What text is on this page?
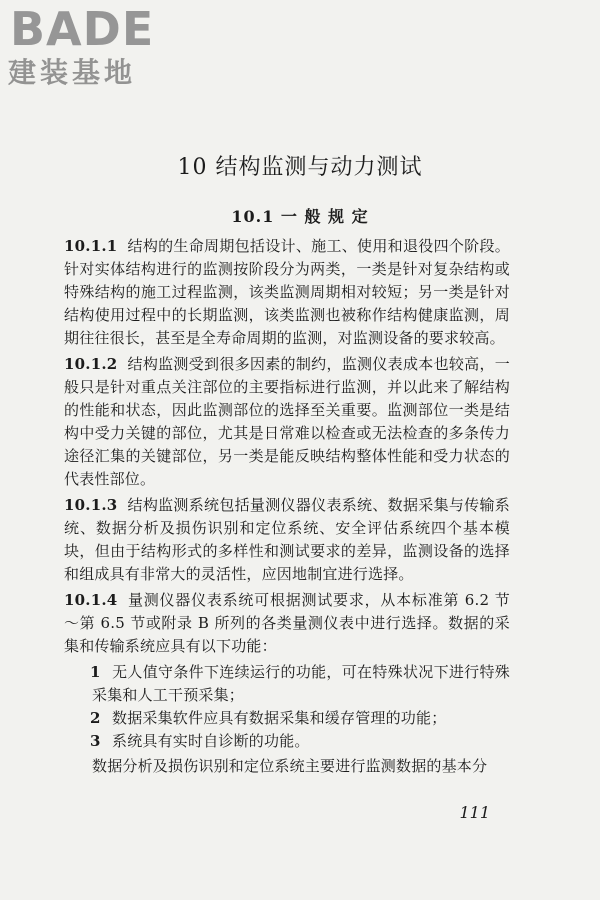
BADE
建装基地
10 结构监测与动力测试
10.1 一 般 规 定

10.1.1 结构的生命周期包括设计、施工、使用和退役四个阶段。针对实体结构进行的监测按阶段分为两类，一类是针对复杂结构或特殊结构的施工过程监测，该类监测周期相对较短；另一类是针对结构使用过程中的长期监测，该类监测也被称作结构健康监测，周期往往很长，甚至是全寿命周期的监测，对监测设备的要求较高。

10.1.2 结构监测受到很多因素的制约，监测仪表成本也较高，一般只是针对重点关注部位的主要指标进行监测，并以此来了解结构的性能和状态，因此监测部位的选择至关重要。监测部位一类是结构中受力关键的部位，尤其是日常难以检查或无法检查的多条传力途径汇集的关键部位，另一类是能反映结构整体性能和受力状态的代表性部位。

10.1.3 结构监测系统包括量测仪器仪表系统、数据采集与传输系统、数据分析及损伤识别和定位系统、安全评估系统四个基本模块，但由于结构形式的多样性和测试要求的差异，监测设备的选择和组成具有非常大的灵活性，应因地制宜进行选择。

10.1.4 量测仪器仪表系统可根据测试要求，从本标准第 6.2 节～第 6.5 节或附录 B 所列的各类量测仪表中进行选择。数据的采集和传输系统应具有以下功能：

1 无人值守条件下连续运行的功能，可在特殊状况下进行特殊采集和人工干预采集；

2 数据采集软件应具有数据采集和缓存管理的功能；

3 系统具有实时自诊断的功能。

数据分析及损伤识别和定位系统主要进行监测数据的基本分

111
